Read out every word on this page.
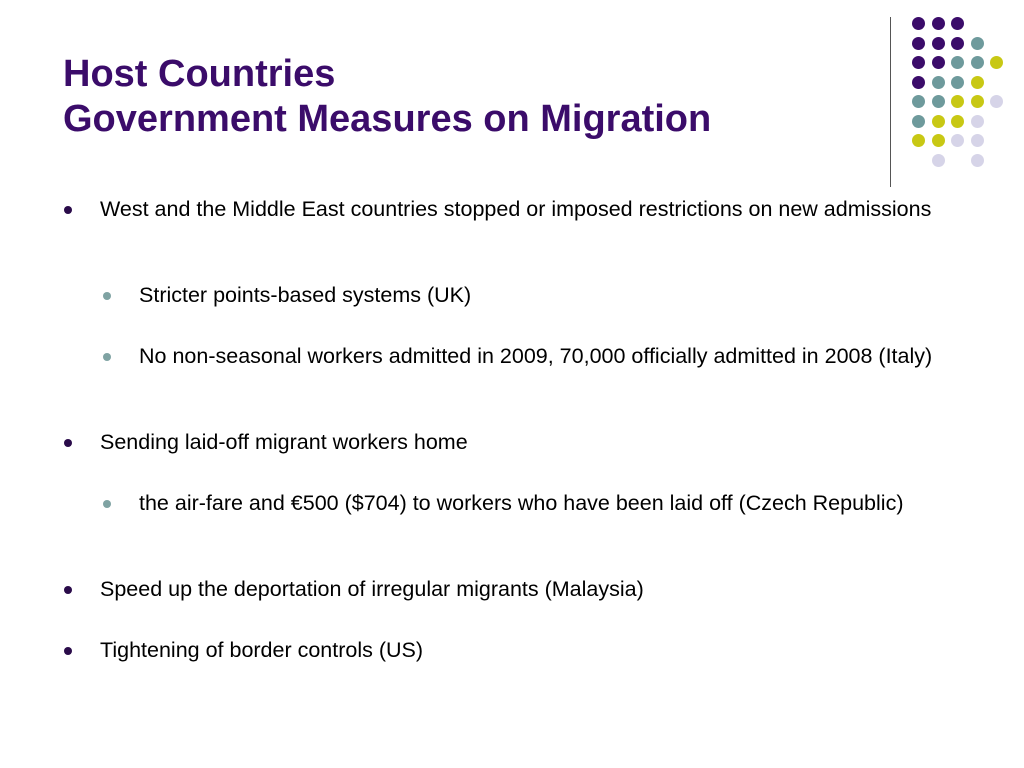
Host Countries
Government Measures on Migration
West and the Middle East countries stopped or imposed restrictions on new admissions
Stricter points-based systems (UK)
No non-seasonal workers admitted in 2009, 70,000 officially admitted in 2008 (Italy)
Sending laid-off migrant workers home
the air-fare and €500 ($704) to workers who have been laid off (Czech Republic)
Speed up the deportation of irregular migrants (Malaysia)
Tightening of border controls (US)
